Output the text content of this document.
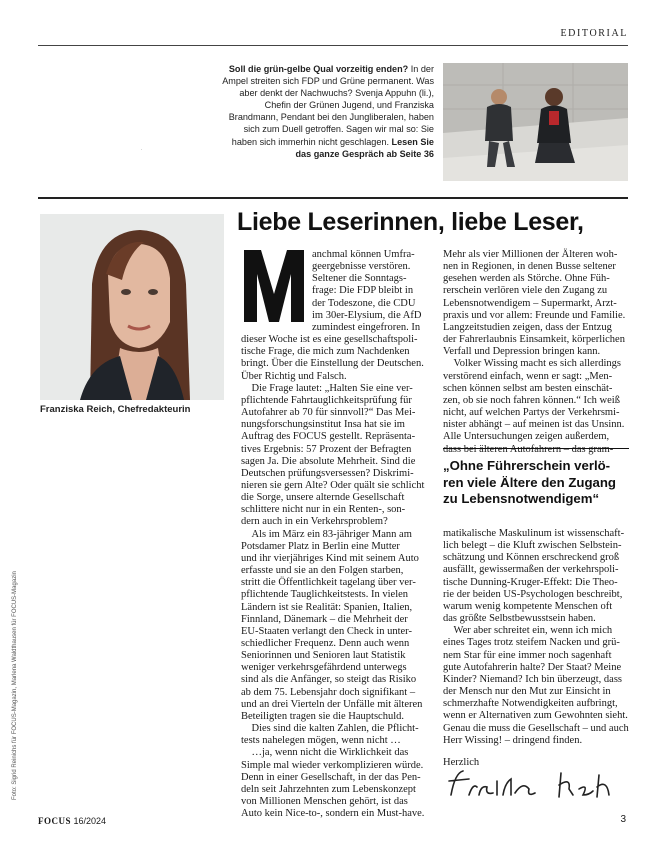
EDITORIAL
Soll die grün-gelbe Qual vorzeitig enden? In der Ampel streiten sich FDP und Grüne permanent. Was aber denkt der Nachwuchs? Svenja Appuhn (li.), Chefin der Grünen Jugend, und Franziska Brandmann, Pendant bei den Jungliberalen, haben sich zum Duell getroffen. Sagen wir mal so: Sie haben sich immerhin nicht geschlagen. Lesen Sie das ganze Gespräch ab Seite 36
Franziska Reich, Chefredakteurin
Foto: Sigrid Reinichs für FOCUS-Magazin, Marlena Waldthausen für FOCUS-Magazin
Liebe Leserinnen, liebe Leser,
M
anchmal können Umfra-
geergebnisse verstören.
Seltener die Sonntags-
frage: Die FDP bleibt in
der Todeszone, die CDU
im 30er-Elysium, die AfD
zumindest eingefroren. In
dieser Woche ist es eine gesellschaftspoli-
tische Frage, die mich zum Nachdenken
bringt. Über die Einstellung der Deutschen.
Über Richtig und Falsch.
 Die Frage lautet: „Halten Sie eine ver-
pflichtende Fahrtauglichkeitsprüfung für
Autofahrer ab 70 für sinnvoll?“ Das Mei-
nungsforschungsinstitut Insa hat sie im
Auftrag des FOCUS gestellt. Repräsenta-
tives Ergebnis: 57 Prozent der Befragten
sagen Ja. Die absolute Mehrheit. Sind die
Deutschen prüfungsversessen? Diskrimi-
nieren sie gern Alte? Oder quält sie schlicht
die Sorge, unsere alternde Gesellschaft
schlittere nicht nur in ein Renten-, son-
dern auch in ein Verkehrsproblem?
 Als im März ein 83-jähriger Mann am
Potsdamer Platz in Berlin eine Mutter
und ihr vierjähriges Kind mit seinem Auto
erfasste und sie an den Folgen starben,
stritt die Öffentlichkeit tagelang über ver-
pflichtende Tauglichkeitstests. In vielen
Ländern ist sie Realität: Spanien, Italien,
Finnland, Dänemark – die Mehrheit der
EU-Staaten verlangt den Check in unter-
schiedlicher Frequenz. Denn auch wenn
Seniorinnen und Senioren laut Statistik
weniger verkehrsgefährdend unterwegs
sind als die Anfänger, so steigt das Risiko
ab dem 75. Lebensjahr doch signifikant –
und an drei Vierteln der Unfälle mit älteren
Beteiligten tragen sie die Hauptschuld.
 Dies sind die kalten Zahlen, die Pflicht-
tests nahelegen mögen, wenn nicht …
 …ja, wenn nicht die Wirklichkeit das
Simple mal wieder verkomplizieren würde.
Denn in einer Gesellschaft, in der das Pen-
deln seit Jahrzehnten zum Lebenskonzept
von Millionen Menschen gehört, ist das
Auto kein Nice-to-, sondern ein Must-have.
Mehr als vier Millionen der Älteren woh-
nen in Regionen, in denen Busse seltener
gesehen werden als Störche. Ohne Füh-
rerschein verlören viele den Zugang zu
Lebensnotwendigem – Supermarkt, Arzt-
praxis und vor allem: Freunde und Familie.
Langzeitstudien zeigen, dass der Entzug
der Fahrerlaubnis Einsamkeit, körperlichen
Verfall und Depression bringen kann.
 Volker Wissing macht es sich allerdings
verstörend einfach, wenn er sagt: „Men-
schen können selbst am besten einschät-
zen, ob sie noch fahren können.“ Ich weiß
nicht, auf welchen Partys der Verkehrsmi-
nister abhängt – auf meinen ist das Unsinn.
Alle Untersuchungen zeigen außerdem,
dass bei älteren Autofahrern – das gram-
„Ohne Führerschein verlö-
ren viele Ältere den Zugang
zu Lebensnotwendigem“
matikalische Maskulinum ist wissenschaft-
lich belegt – die Kluft zwischen Selbstein-
schätzung und Können erschreckend groß
ausfällt, gewissermaßen der verkehrspoli-
tische Dunning-Kruger-Effekt: Die Theo-
rie der beiden US-Psychologen beschreibt,
warum wenig kompetente Menschen oft
das größte Selbstbewusstsein haben.
 Wer aber schreitet ein, wenn ich mich
eines Tages trotz steifem Nacken und grü-
nem Star für eine immer noch sagenhaft
gute Autofahrerin halte? Der Staat? Meine
Kinder? Niemand? Ich bin überzeugt, dass
der Mensch nur den Mut zur Einsicht in
schmerzhafte Notwendigkeiten aufbringt,
wenn er Alternativen zum Gewohnten sieht.
Genau die muss die Gesellschaft – und auch
Herr Wissing! – dringend finden.
Herzlich
FOCUS 16/2024	3
